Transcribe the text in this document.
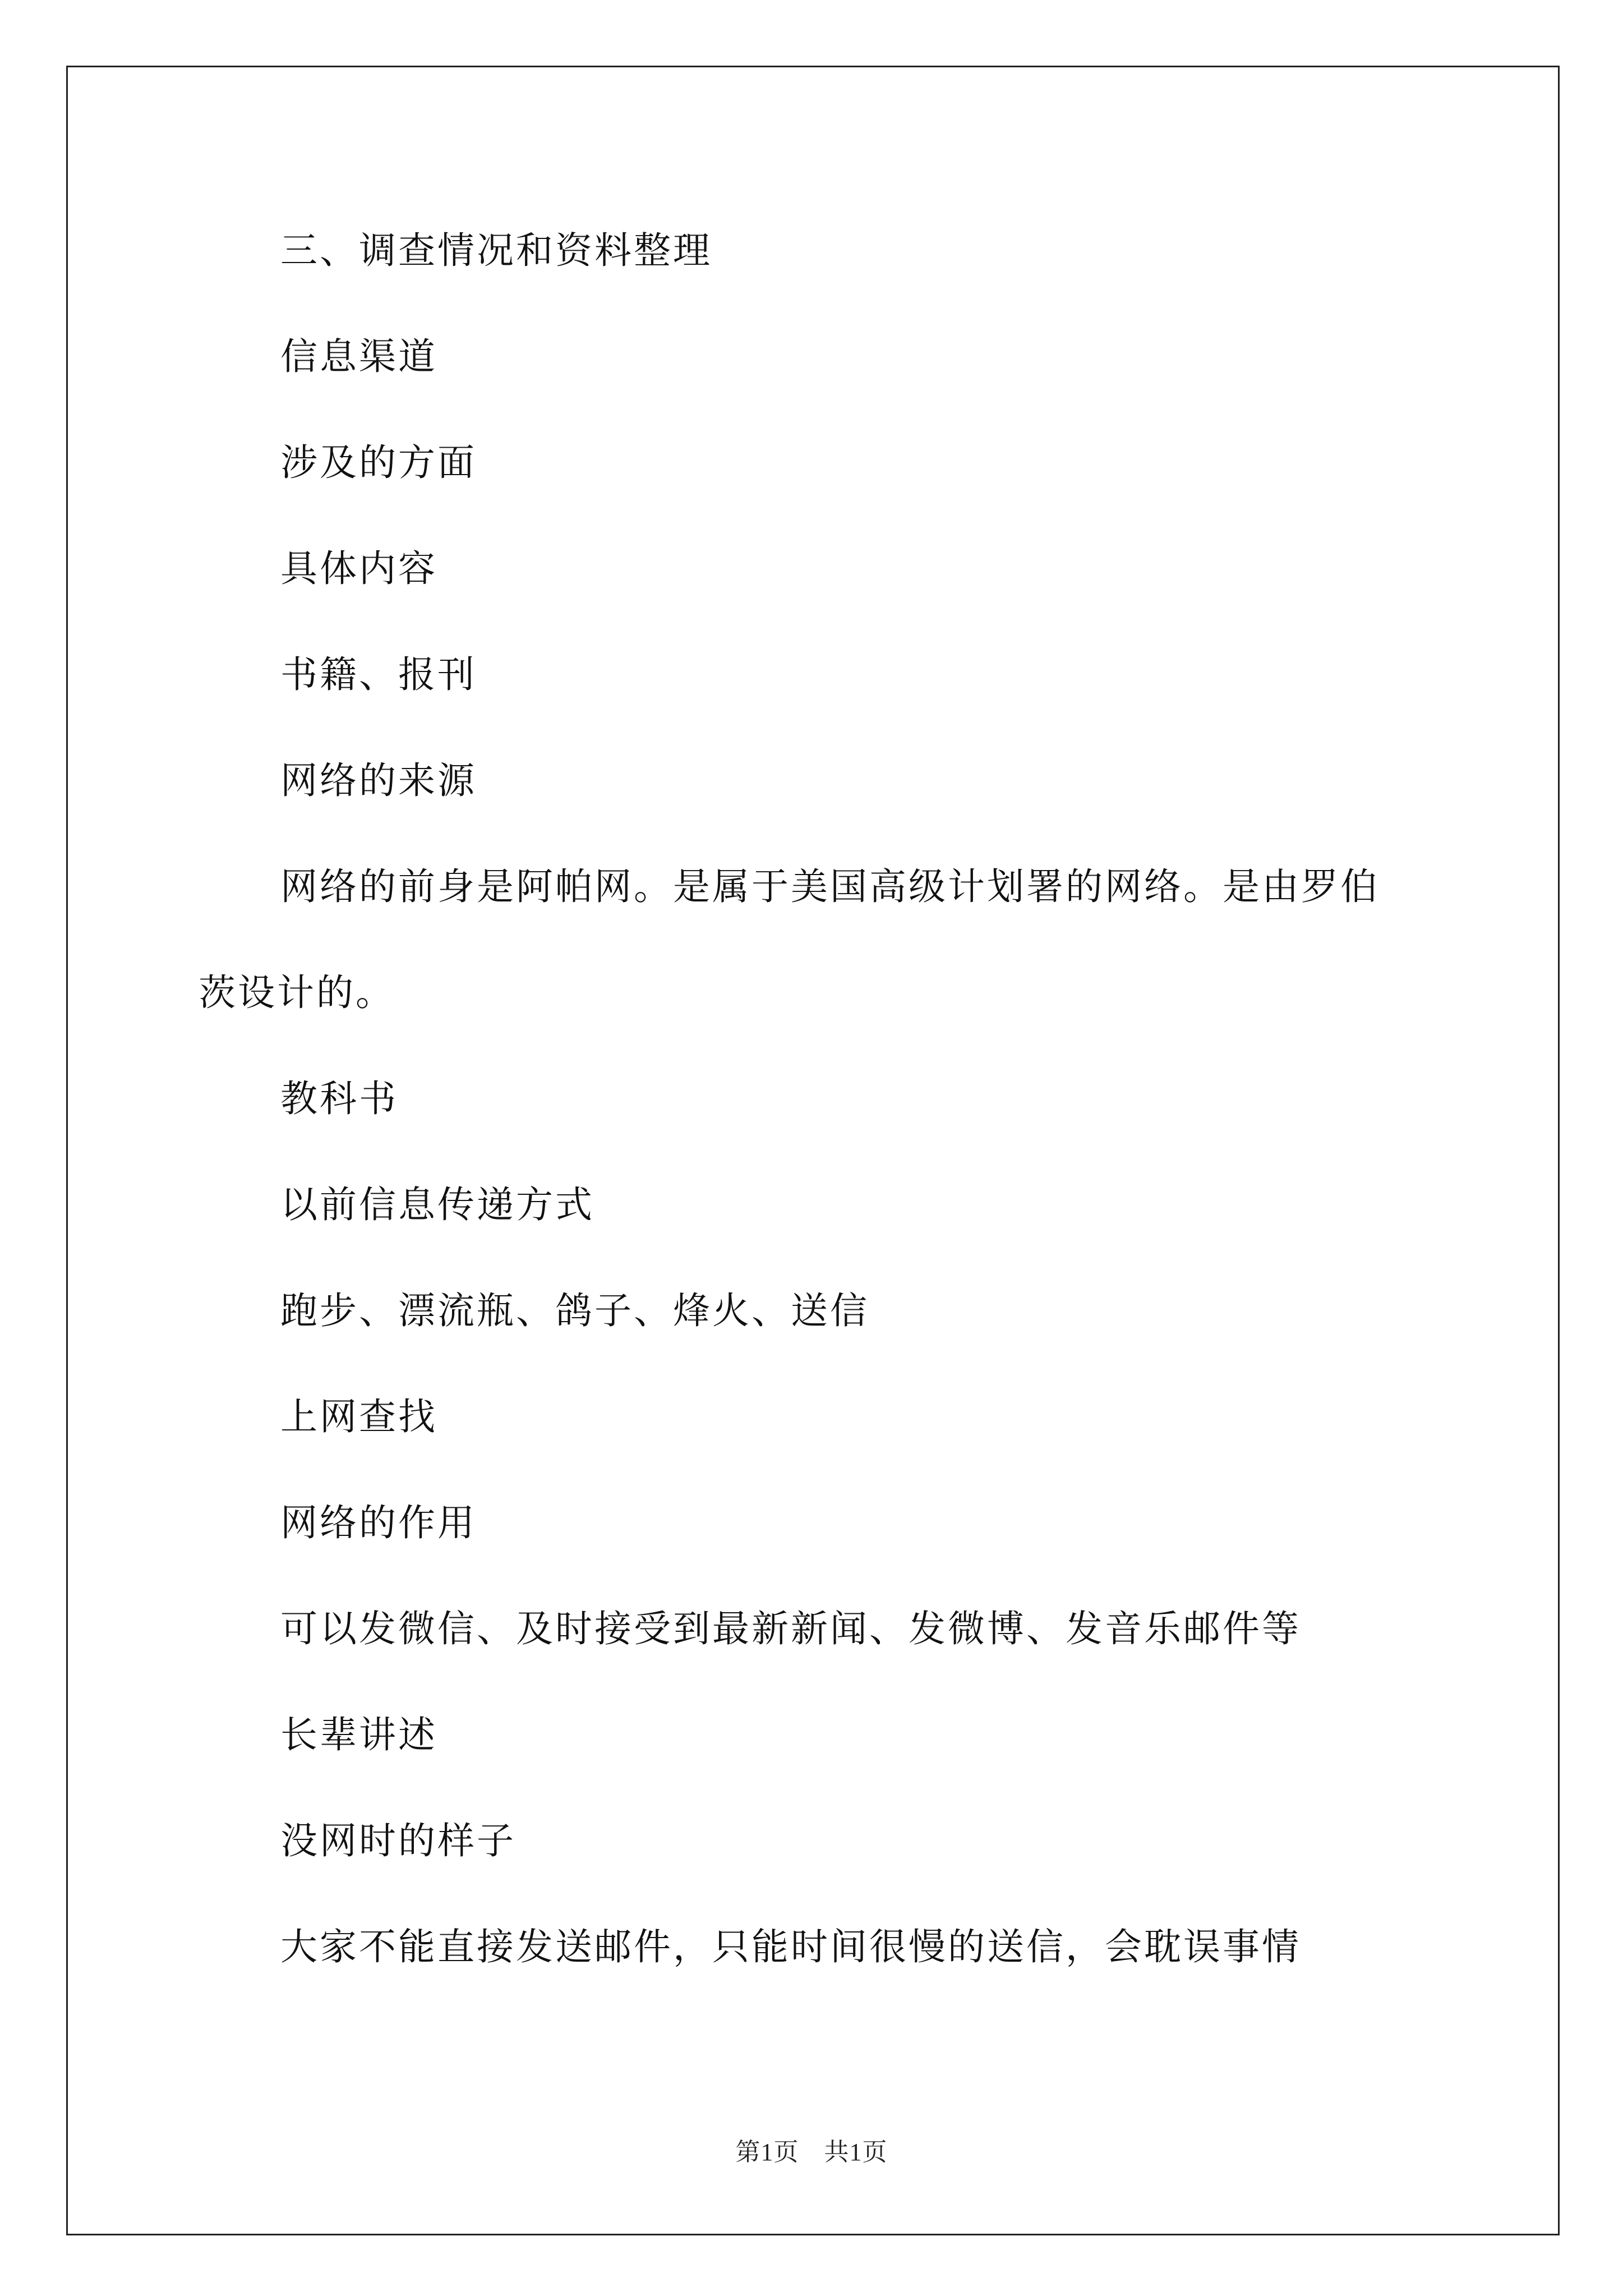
三、调查情况和资料整理
信息渠道
涉及的方面
具体内容
书籍、报刊
网络的来源
网络的前身是阿帕网。是属于美国高级计划署的网络。是由罗伯
茨设计的。
教科书
以前信息传递方式
跑步、漂流瓶、鸽子、烽火、送信
上网查找
网络的作用
可以发微信、及时接受到最新新闻、发微博、发音乐邮件等
长辈讲述
没网时的样子
大家不能直接发送邮件，只能时间很慢的送信，会耽误事情
第1页　共1页
